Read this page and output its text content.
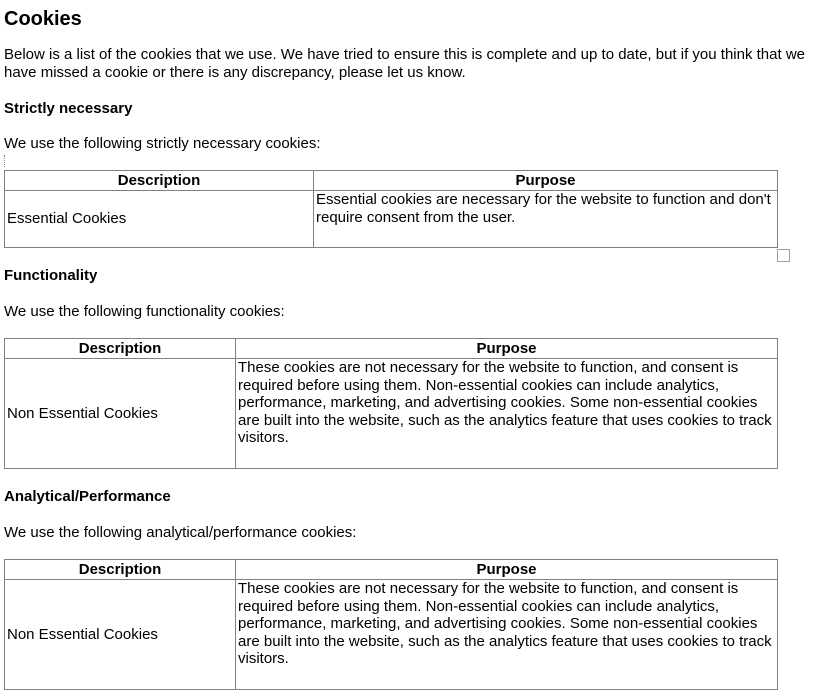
Cookies

Below is a list of the cookies that we use. We have tried to ensure this is complete and up to date, but if you think that we have missed a cookie or there is any discrepancy, please let us know.

Strictly necessary

We use the following strictly necessary cookies:

Description	Purpose
Essential Cookies	Essential cookies are necessary for the website to function and don't require consent from the user.
Functionality

We use the following functionality cookies:

Description	Purpose
Non Essential Cookies	These cookies are not necessary for the website to function, and consent is required before using them. Non-essential cookies can include analytics, performance, marketing, and advertising cookies. Some non-essential cookies are built into the website, such as the analytics feature that uses cookies to track visitors.
Analytical/Performance

We use the following analytical/performance cookies:

Description	Purpose
Non Essential Cookies	These cookies are not necessary for the website to function, and consent is required before using them. Non-essential cookies can include analytics, performance, marketing, and advertising cookies. Some non-essential cookies are built into the website, such as the analytics feature that uses cookies to track visitors.
